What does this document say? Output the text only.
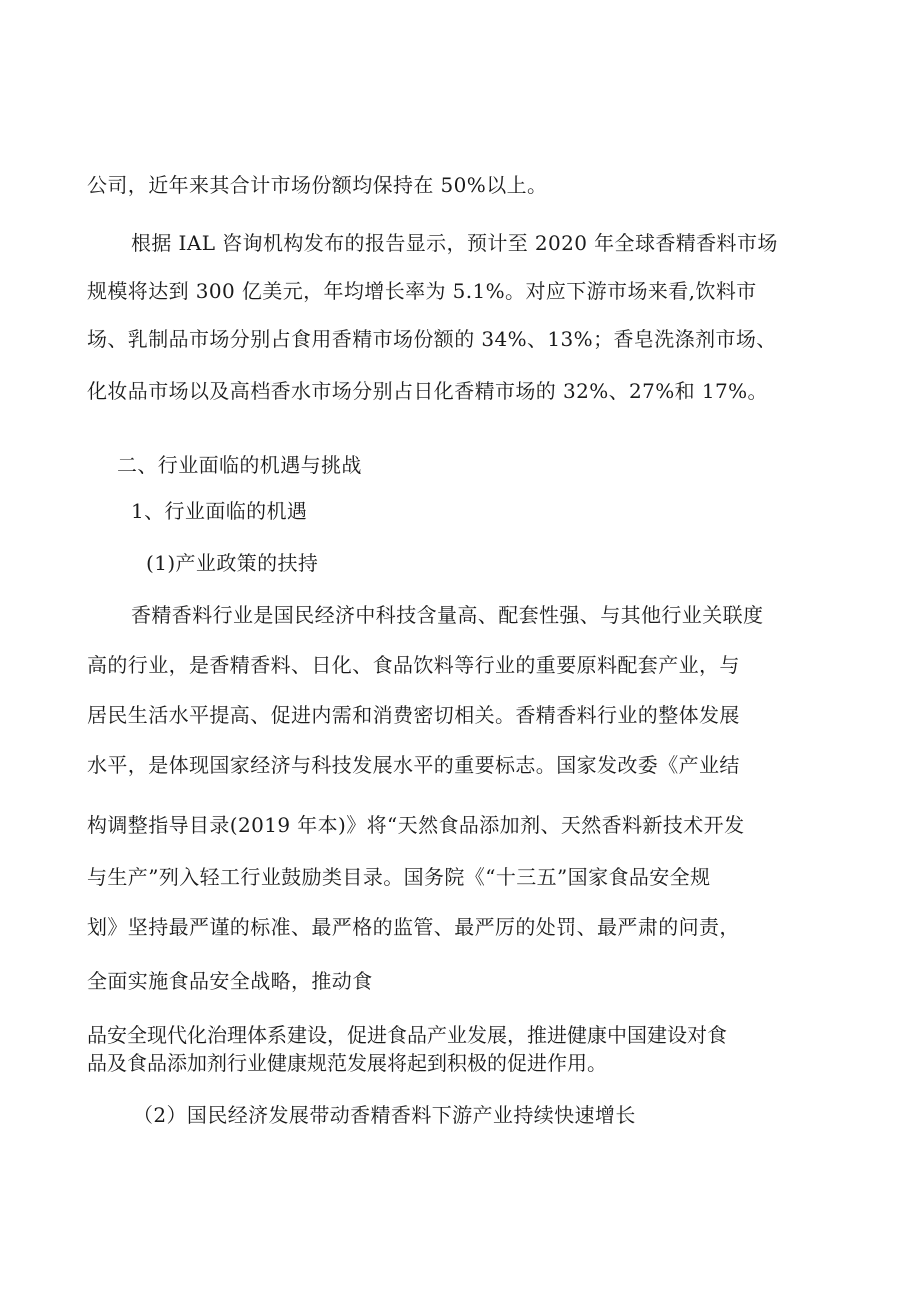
公司，近年来其合计市场份额均保持在 50%以上。
根据 IAL 咨询机构发布的报告显示，预计至 2020 年全球香精香料市场
规模将达到 300 亿美元，年均增长率为 5.1%。对应下游市场来看,饮料市
场、乳制品市场分别占食用香精市场份额的 34%、13%；香皂洗涤剂市场、
化妆品市场以及高档香水市场分别占日化香精市场的 32%、27%和 17%。
二、行业面临的机遇与挑战
1、行业面临的机遇
(1)产业政策的扶持
香精香料行业是国民经济中科技含量高、配套性强、与其他行业关联度
高的行业，是香精香料、日化、食品饮料等行业的重要原料配套产业，与
居民生活水平提高、促进内需和消费密切相关。香精香料行业的整体发展
水平，是体现国家经济与科技发展水平的重要标志。国家发改委《产业结
构调整指导目录(2019 年本)》将“天然食品添加剂、天然香料新技术开发
与生产”列入轻工行业鼓励类目录。国务院《“十三五”国家食品安全规
划》坚持最严谨的标准、最严格的监管、最严厉的处罚、最严肃的问责，
全面实施食品安全战略，推动食
品安全现代化治理体系建设，促进食品产业发展，推进健康中国建设对食
品及食品添加剂行业健康规范发展将起到积极的促进作用。
（2）国民经济发展带动香精香料下游产业持续快速增长
